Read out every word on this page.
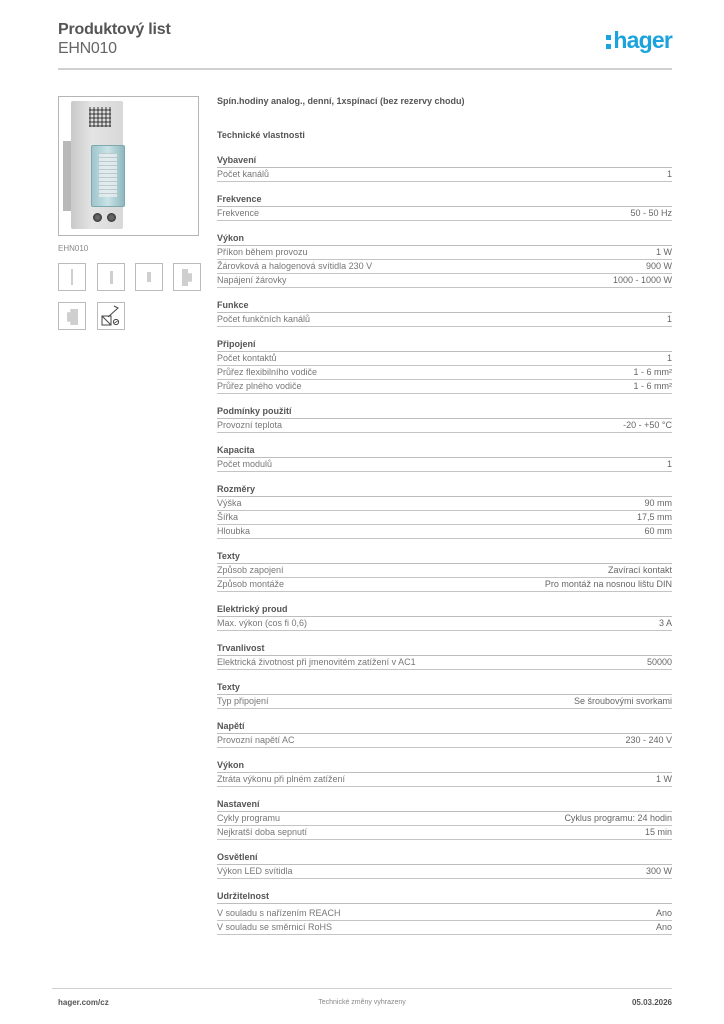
Produktový list
EHN010	hager
EHN010
Spín.hodiny analog., denní, 1xspínací (bez rezervy chodu)
Technické vlastnosti
Vybavení
Počet kanálů	1
Frekvence
Frekvence	50 - 50 Hz
Výkon
Příkon během provozu	1 W
Žárovková a halogenová svítidla 230 V	900 W
Napájení žárovky	1000 - 1000 W
Funkce
Počet funkčních kanálů	1
Připojení
Počet kontaktů	1
Průřez flexibilního vodiče	1 - 6 mm²
Průřez plného vodiče	1 - 6 mm²
Podmínky použití
Provozní teplota	-20 - +50 °C
Kapacita
Počet modulů	1
Rozměry
Výška	90 mm
Šířka	17,5 mm
Hloubka	60 mm
Texty
Způsob zapojení	Zavírací kontakt
Způsob montáže	Pro montáž na nosnou lištu DIN
Elektrický proud
Max. výkon (cos fi 0,6)	3 A
Trvanlivost
Elektrická životnost při jmenovitém zatížení v AC1	50000
Texty
Typ připojení	Se šroubovými svorkami
Napětí
Provozní napětí AC	230 - 240 V
Výkon
Ztráta výkonu při plném zatížení	1 W
Nastavení
Cykly programu	Cyklus programu: 24 hodin
Nejkratší doba sepnutí	15 min
Osvětlení
Výkon LED svítidla	300 W
Udržitelnost
V souladu s nařízením REACH	Ano
V souladu se směrnicí RoHS	Ano
hager.com/cz	Technické změny vyhrazeny	05.03.2026
